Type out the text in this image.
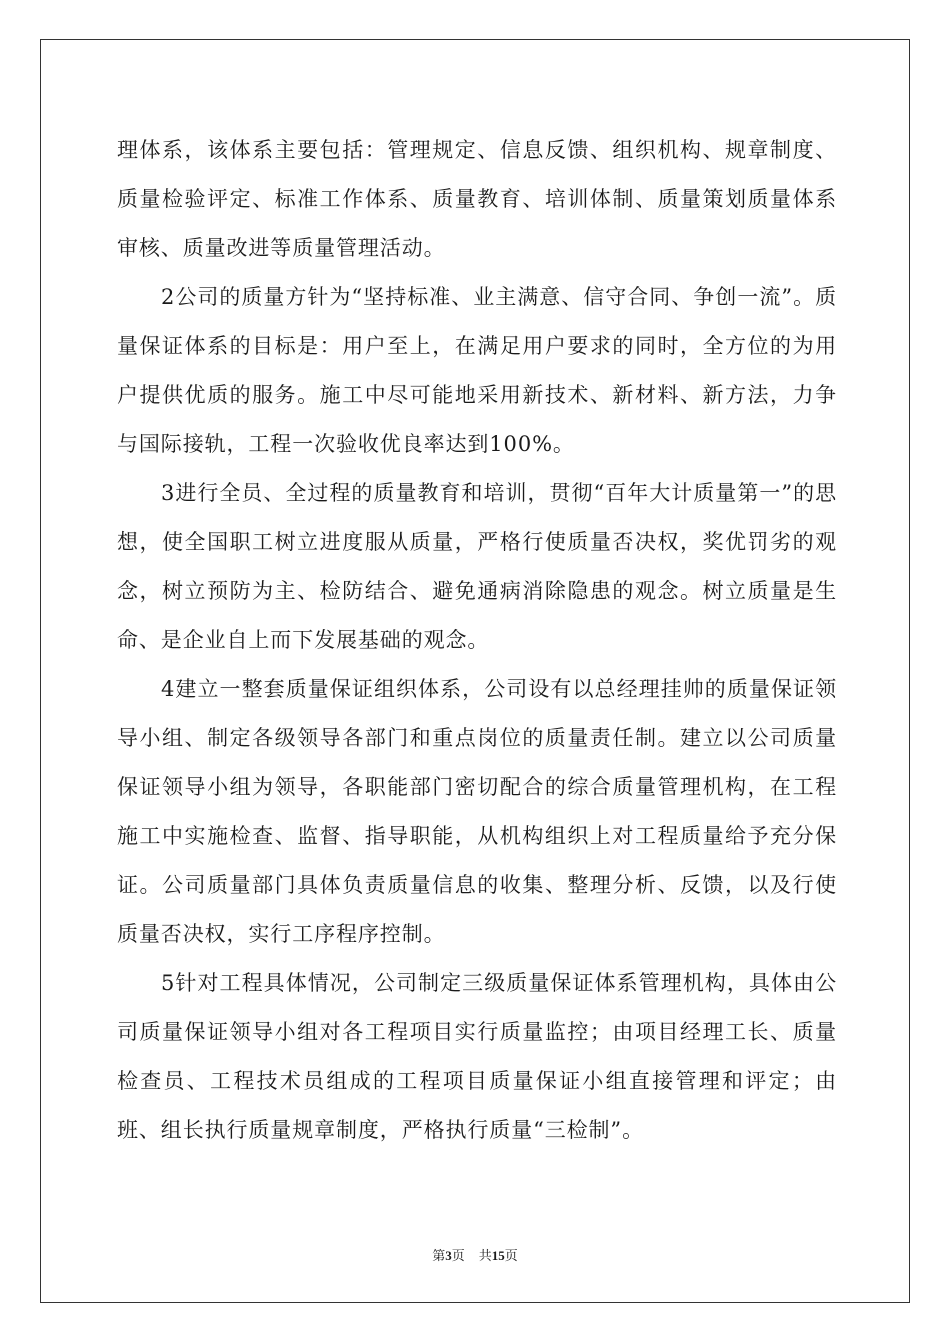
理体系，该体系主要包括：管理规定、信息反馈、组织机构、规章制度、质量检验评定、标准工作体系、质量教育、培训体制、质量策划质量体系审核、质量改进等质量管理活动。

2公司的质量方针为“坚持标准、业主满意、信守合同、争创一流”。质量保证体系的目标是：用户至上，在满足用户要求的同时，全方位的为用户提供优质的服务。施工中尽可能地采用新技术、新材料、新方法，力争与国际接轨，工程一次验收优良率达到100%。

3进行全员、全过程的质量教育和培训，贯彻“百年大计质量第一”的思想，使全国职工树立进度服从质量，严格行使质量否决权，奖优罚劣的观念，树立预防为主、检防结合、避免通病消除隐患的观念。树立质量是生命、是企业自上而下发展基础的观念。

4建立一整套质量保证组织体系，公司设有以总经理挂帅的质量保证领导小组、制定各级领导各部门和重点岗位的质量责任制。建立以公司质量保证领导小组为领导，各职能部门密切配合的综合质量管理机构，在工程施工中实施检查、监督、指导职能，从机构组织上对工程质量给予充分保证。公司质量部门具体负责质量信息的收集、整理分析、反馈，以及行使质量否决权，实行工序程序控制。

5针对工程具体情况，公司制定三级质量保证体系管理机构，具体由公司质量保证领导小组对各工程项目实行质量监控；由项目经理工长、质量检查员、工程技术员组成的工程项目质量保证小组直接管理和评定；由班、组长执行质量规章制度，严格执行质量“三检制”。

第3页 共15页
